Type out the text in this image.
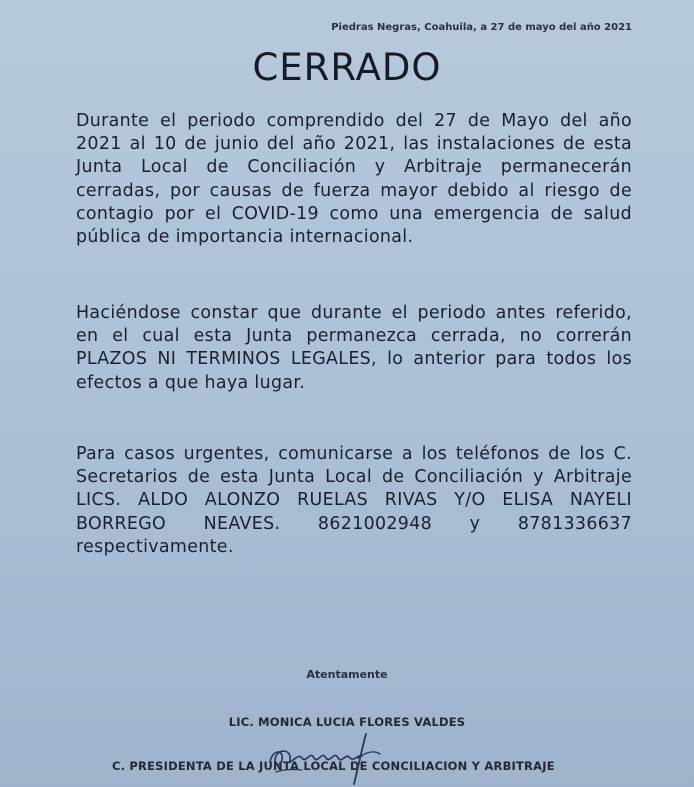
Piedras Negras, Coahuila, a 27 de mayo del año 2021
CERRADO

Durante el periodo comprendido del 27 de Mayo del año 2021 al 10 de junio del año 2021, las instalaciones de esta Junta Local de Conciliación y Arbitraje permanecerán cerradas, por causas de fuerza mayor debido al riesgo de contagio por el COVID-19 como una emergencia de salud pública de importancia internacional.

Haciéndose constar que durante el periodo antes referido, en el cual esta Junta permanezca cerrada, no correrán PLAZOS NI TERMINOS LEGALES, lo anterior para todos los efectos a que haya lugar.

Para casos urgentes, comunicarse a los teléfonos de los C. Secretarios de esta Junta Local de Conciliación y Arbitraje LICS. ALDO ALONZO RUELAS RIVAS Y/O ELISA NAYELI BORREGO NEAVES. 8621002948 y 8781336637 respectivamente.

Atentamente
LIC. MONICA LUCIA FLORES VALDES
C. PRESIDENTA DE LA JUNTA LOCAL DE CONCILIACION Y ARBITRAJE
